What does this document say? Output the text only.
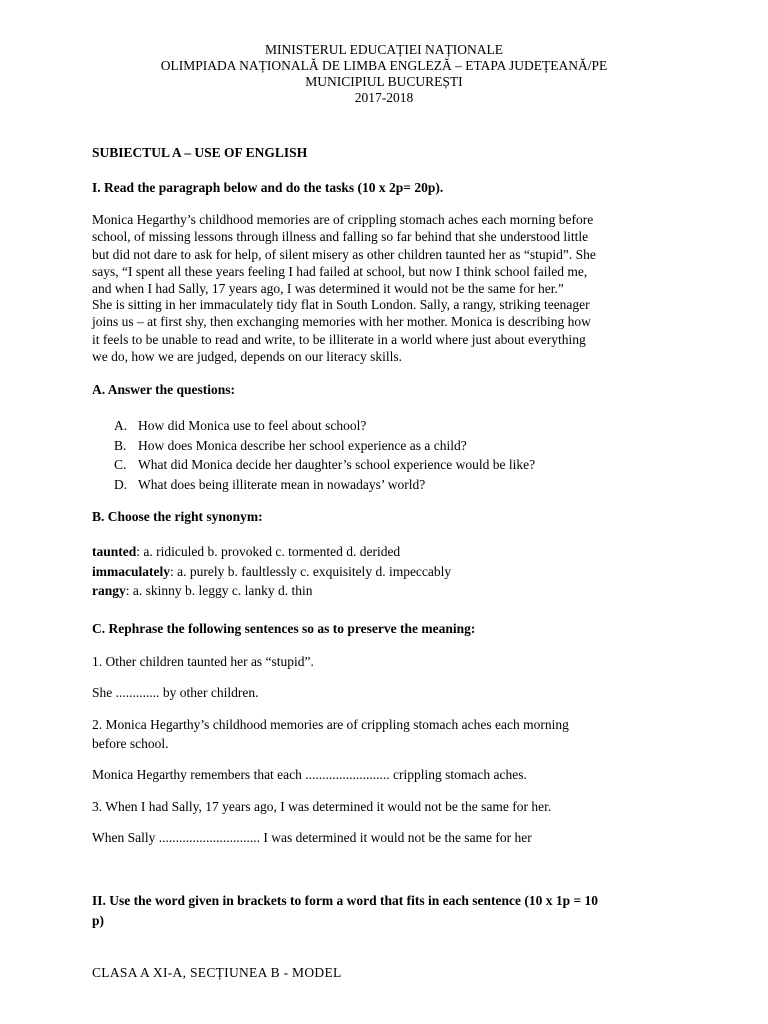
MINISTERUL EDUCAȚIEI NAȚIONALE
OLIMPIADA NAȚIONALĂ DE LIMBA ENGLEZĂ – ETAPA JUDEȚEANĂ/PE
MUNICIPIUL BUCUREȘTI
2017-2018
SUBIECTUL A – USE OF ENGLISH
I. Read the paragraph below and do the tasks (10 x 2p= 20p).
Monica Hegarthy’s childhood memories are of crippling stomach aches each morning before
school, of missing lessons through illness and falling so far behind that she understood little
but did not dare to ask for help, of silent misery as other children taunted her as “stupid”. She
says, “I spent all these years feeling I had failed at school, but now I think school failed me,
and when I had Sally, 17 years ago, I was determined it would not be the same for her.”
She is sitting in her immaculately tidy flat in South London. Sally, a rangy, striking teenager
joins us – at first shy, then exchanging memories with her mother. Monica is describing how
it feels to be unable to read and write, to be illiterate in a world where just about everything
we do, how we are judged, depends on our literacy skills.
A. Answer the questions:
A. How did Monica use to feel about school?
B. How does Monica describe her school experience as a child?
C. What did Monica decide her daughter’s school experience would be like?
D. What does being illiterate mean in nowadays’ world?
B. Choose the right synonym:
taunted: a. ridiculed b. provoked c. tormented d. derided
immaculately: a. purely b. faultlessly c. exquisitely d. impeccably
rangy: a. skinny b. leggy c. lanky d. thin
C. Rephrase the following sentences so as to preserve the meaning:
1. Other children taunted her as “stupid”.
She ............. by other children.
2. Monica Hegarthy’s childhood memories are of crippling stomach aches each morning
before school.
Monica Hegarthy remembers that each ......................... crippling stomach aches.
3. When I had Sally, 17 years ago, I was determined it would not be the same for her.
When Sally .............................. I was determined it would not be the same for her
II. Use the word given in brackets to form a word that fits in each sentence (10 x 1p = 10
p)
CLASA A XI-A, SECȚIUNEA B - MODEL
